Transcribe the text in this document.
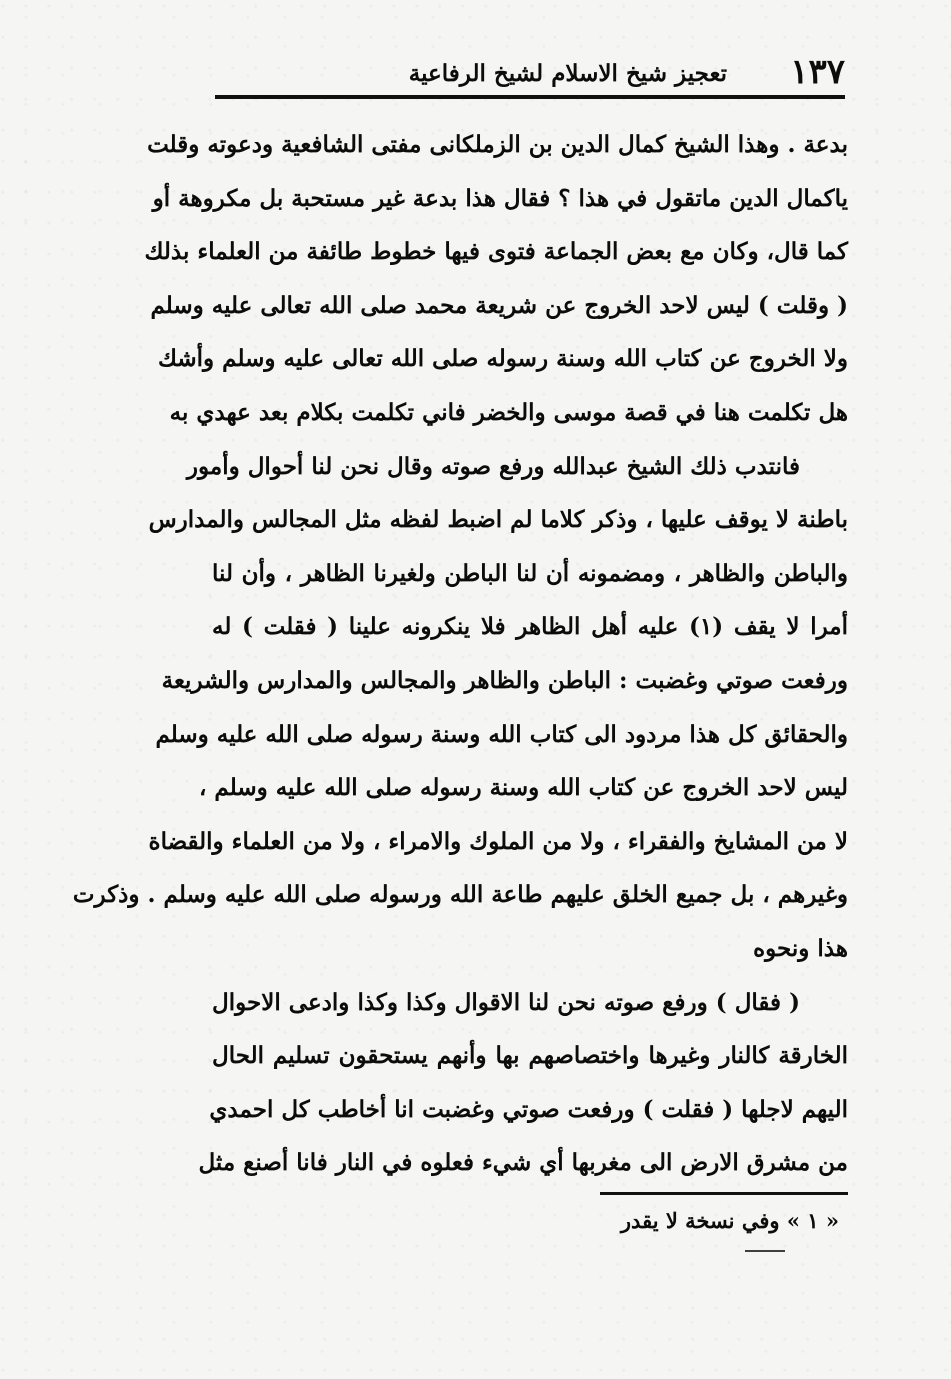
تعجيز شيخ الاسلام لشيخ الرفاعية ١٣٧
بدعة . وهذا الشيخ كمال الدين بن الزملكانى مفتى الشافعية ودعوته وقلت
ياكمال الدين ماتقول في هذا ؟ فقال هذا بدعة غير مستحبة بل مكروهة أو
كما قال، وكان مع بعض الجماعة فتوى فيها خطوط طائفة من العلماء بذلك
( وقلت ) ليس لاحد الخروج عن شريعة محمد صلى الله تعالى عليه وسلم
ولا الخروج عن كتاب الله وسنة رسوله صلى الله تعالى عليه وسلم وأشك
هل تكلمت هنا في قصة موسى والخضر فاني تكلمت بكلام بعد عهدي به
فانتدب ذلك الشيخ عبدالله ورفع صوته وقال نحن لنا أحوال وأمور
باطنة لا يوقف عليها ، وذكر كلاما لم اضبط لفظه مثل المجالس والمدارس
والباطن والظاهر ، ومضمونه أن لنا الباطن ولغيرنا الظاهر ، وأن لنا
أمرا لا يقف (١) عليه أهل الظاهر فلا ينكرونه علينا ( فقلت ) له
ورفعت صوتي وغضبت : الباطن والظاهر والمجالس والمدارس والشريعة
والحقائق كل هذا مردود الى كتاب الله وسنة رسوله صلى الله عليه وسلم
ليس لاحد الخروج عن كتاب الله وسنة رسوله صلى الله عليه وسلم ،
لا من المشايخ والفقراء ، ولا من الملوك والامراء ، ولا من العلماء والقضاة
وغيرهم ، بل جميع الخلق عليهم طاعة الله ورسوله صلى الله عليه وسلم . وذكرت
هذا ونحوه
( فقال ) ورفع صوته نحن لنا الاقوال وكذا وكذا وادعى الاحوال
الخارقة كالنار وغيرها واختصاصهم بها وأنهم يستحقون تسليم الحال
اليهم لاجلها ( فقلت ) ورفعت صوتي وغضبت انا أخاطب كل احمدي
من مشرق الارض الى مغربها أي شيء فعلوه في النار فانا أصنع مثل
« ١ » وفي نسخة لا يقدر
